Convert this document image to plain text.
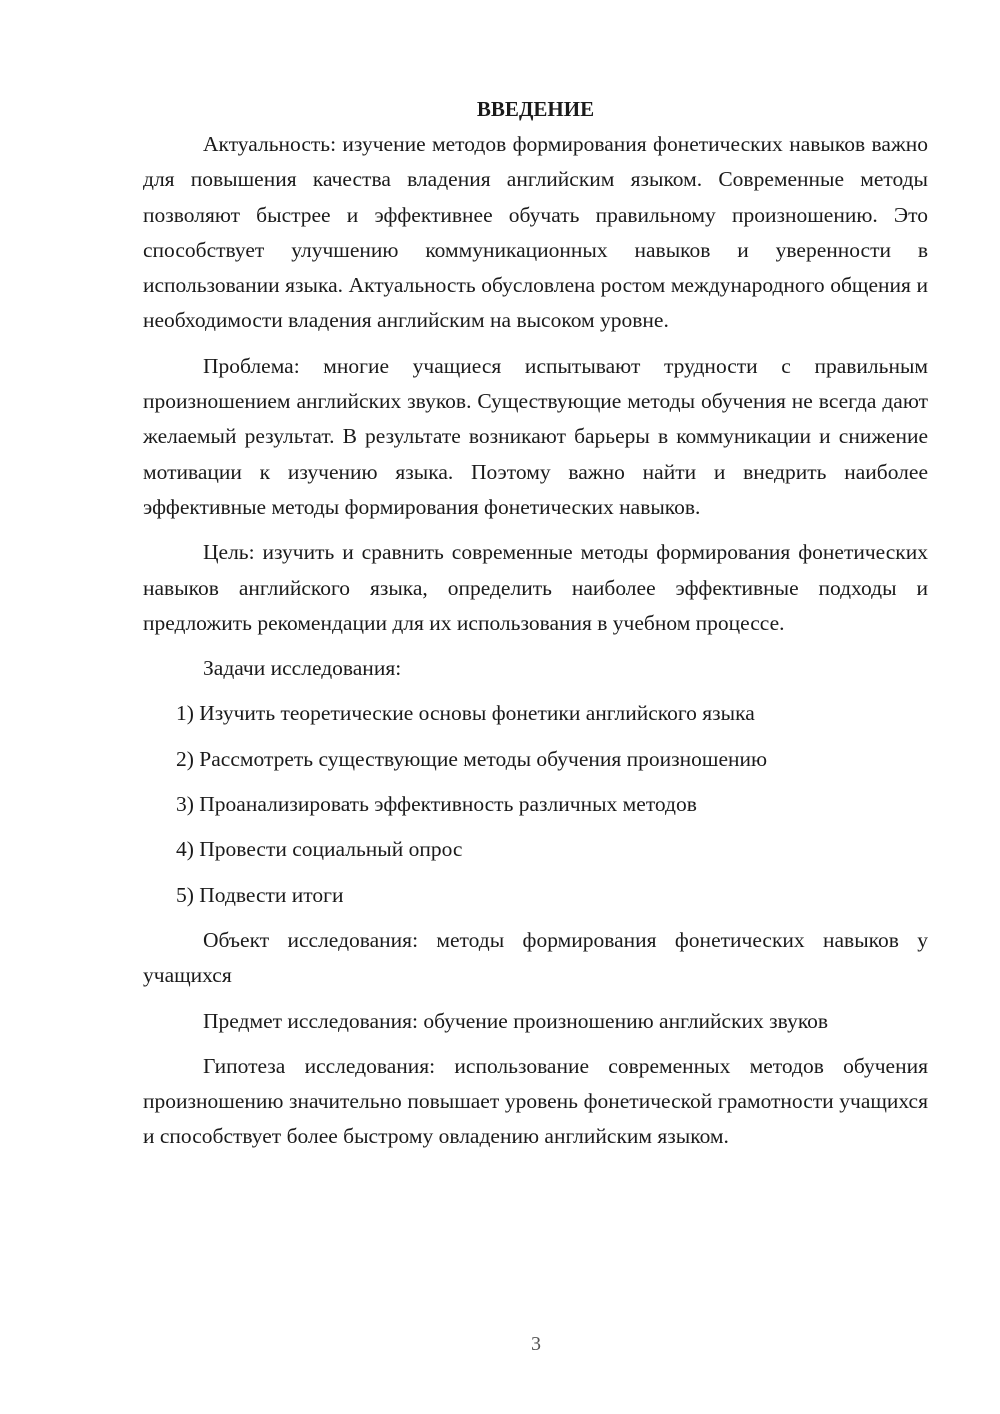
ВВЕДЕНИЕ

Актуальность: изучение методов формирования фонетических навыков важно для повышения качества владения английским языком. Современные методы позволяют быстрее и эффективнее обучать правильному произношению. Это способствует улучшению коммуникационных навыков и уверенности в использовании языка. Актуальность обусловлена ростом международного общения и необходимости владения английским на высоком уровне.

Проблема: многие учащиеся испытывают трудности с правильным произношением английских звуков. Существующие методы обучения не всегда дают желаемый результат. В результате возникают барьеры в коммуникации и снижение мотивации к изучению языка. Поэтому важно найти и внедрить наиболее эффективные методы формирования фонетических навыков.

Цель: изучить и сравнить современные методы формирования фонетических навыков английского языка, определить наиболее эффективные подходы и предложить рекомендации для их использования в учебном процессе.

Задачи исследования:

1) Изучить теоретические основы фонетики английского языка

2) Рассмотреть существующие методы обучения произношению

3) Проанализировать эффективность различных методов

4) Провести социальный опрос

5) Подвести итоги

Объект исследования: методы формирования фонетических навыков у учащихся

Предмет исследования: обучение произношению английских звуков

Гипотеза исследования: использование современных методов обучения произношению значительно повышает уровень фонетической грамотности учащихся и способствует более быстрому овладению английским языком.

3
